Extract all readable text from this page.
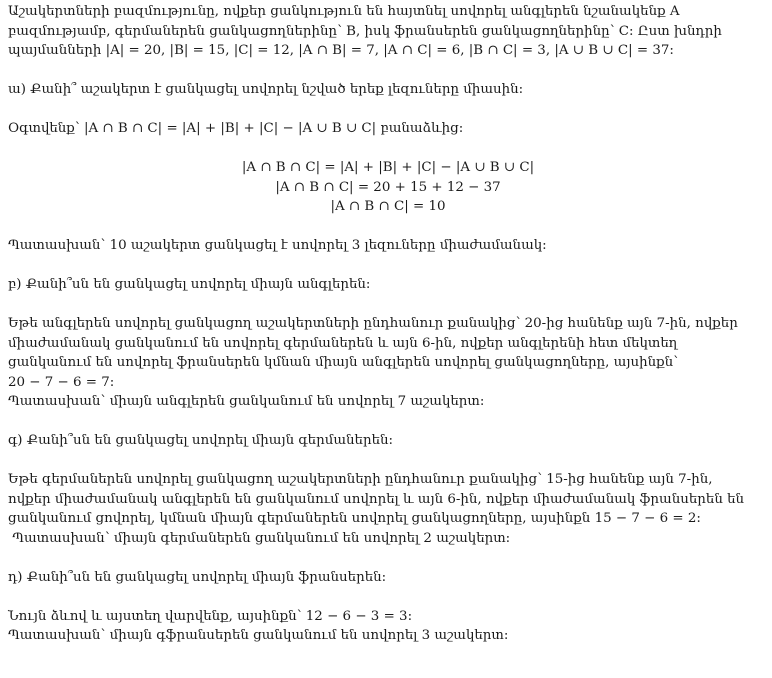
Աշակերտների բազմությունը, ովքեր ցանկություն են հայտնել սովորել անգլերեն նշանակենք A

բազմությամբ, գերմաներեն ցանկացողներինը՝ B, իսկ ֆրանսերեն ցանկացողներինը՝ C: Ըստ խնդրի

պայմանների |A| = 20, |B| = 15, |C| = 12, |A ∩ B| = 7, |A ∩ C| = 6, |B ∩ C| = 3, |A ∪ B ∪ C| = 37:

ա) Քանի՞ աշակերտ է ցանկացել սովորել նշված երեք լեզուները միասին:

Օգտվենք՝ |A ∩ B ∩ C| = |A| + |B| + |C| − |A ∪ B ∪ C| բանաձևից:

|A ∩ B ∩ C| = |A| + |B| + |C| − |A ∪ B ∪ C|

|A ∩ B ∩ C| = 20 + 15 + 12 − 37

|A ∩ B ∩ C| = 10

Պատասխան՝ 10 աշակերտ ցանկացել է սովորել 3 լեզուները միաժամանակ:

բ) Քանի՞սն են ցանկացել սովորել միայն անգլերեն:

Եթե անգլերեն սովորել ցանկացող աշակերտների ընդհանուր քանակից՝ 20-ից հանենք այն 7-ին, ովքեր

միաժամանակ ցանկանում են սովորել գերմաներեն և այն 6-ին, ովքեր անգլերենի հետ մեկտեղ

ցանկանում են սովորել ֆրանսերեն կմնան միայն անգլերեն սովորել ցանկացողները, այսինքն՝

20 − 7 − 6 = 7:

Պատասխան՝ միայն անգլերեն ցանկանում են սովորել 7 աշակերտ:

գ) Քանի՞սն են ցանկացել սովորել միայն գերմաներեն:

Եթե գերմաներեն սովորել ցանկացող աշակերտների ընդհանուր քանակից՝ 15-ից հանենք այն 7-ին,

ովքեր միաժամանակ անգլերեն են ցանկանում սովորել և այն 6-ին, ովքեր միաժամանակ ֆրանսերեն են

ցանկանում ցովորել, կմնան միայն գերմաներեն սովորել ցանկացողները, այսինքն 15 − 7 − 6 = 2:

Պատասխան՝ միայն գերմաներեն ցանկանում են սովորել 2 աշակերտ:

դ) Քանի՞սն են ցանկացել սովորել միայն ֆրանսերեն:

Նույն ձևով և այստեղ վարվենք, այսինքն՝ 12 − 6 − 3 = 3:

Պատասխան՝ միայն գֆրանսերեն ցանկանում են սովորել 3 աշակերտ:
